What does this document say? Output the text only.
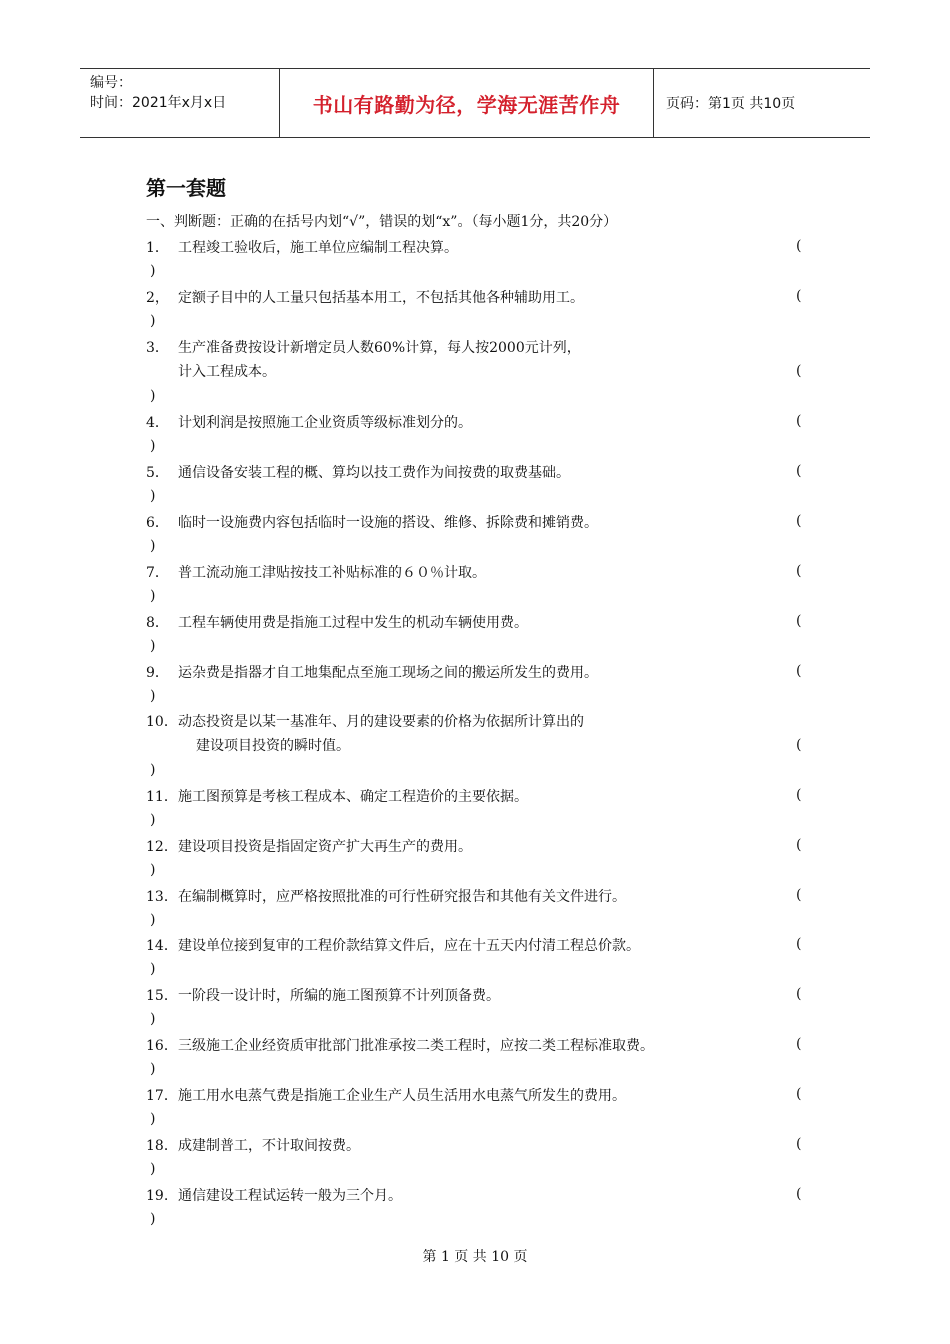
编号：
时间：2021年x月x日	书山有路勤为径，学海无涯苦作舟	页码：第1页 共10页
第一套题
一、判断题：正确的在括号内划“√”，错误的划“x”。（每小题1分，共20分）
1． 工程竣工验收后，施工单位应编制工程决算。	(
)
2， 定额子目中的人工量只包括基本用工，不包括其他各种辅助用工。	(
)
3． 生产准备费按设计新增定员人数60%计算，每人按2000元计列，
计入工程成本。	(
)
4． 计划利润是按照施工企业资质等级标准划分的。	(
)
5． 通信设备安装工程的概、算均以技工费作为间按费的取费基础。	(
)
6． 临时一设施费内容包括临时一设施的搭设、维修、拆除费和摊销费。	(
)
7． 普工流动施工津贴按技工补贴标准的６０％计取。	(
)
8． 工程车辆使用费是指施工过程中发生的机动车辆使用费。	(
)
9． 运杂费是指器才自工地集配点至施工现场之间的搬运所发生的费用。	(
)
10．动态投资是以某一基准年、月的建设要素的价格为依据所计算出的
建设项目投资的瞬时值。	(
)
11．施工图预算是考核工程成本、确定工程造价的主要依据。	(
)
12．建设项目投资是指固定资产扩大再生产的费用。	(
)
13．在编制概算时，应严格按照批准的可行性研究报告和其他有关文件进行。	(
)
14．建设单位接到复审的工程价款结算文件后，应在十五天内付清工程总价款。	(
)
15．一阶段一设计时，所编的施工图预算不计列顶备费。	(
)
16．三级施工企业经资质审批部门批准承按二类工程时，应按二类工程标准取费。	(
)
17．施工用水电蒸气费是指施工企业生产人员生活用水电蒸气所发生的费用。	(
)
18．成建制普工，不计取间按费。	(
)
19. 通信建设工程试运转一般为三个月。	(
)
第 1 页 共 10 页
